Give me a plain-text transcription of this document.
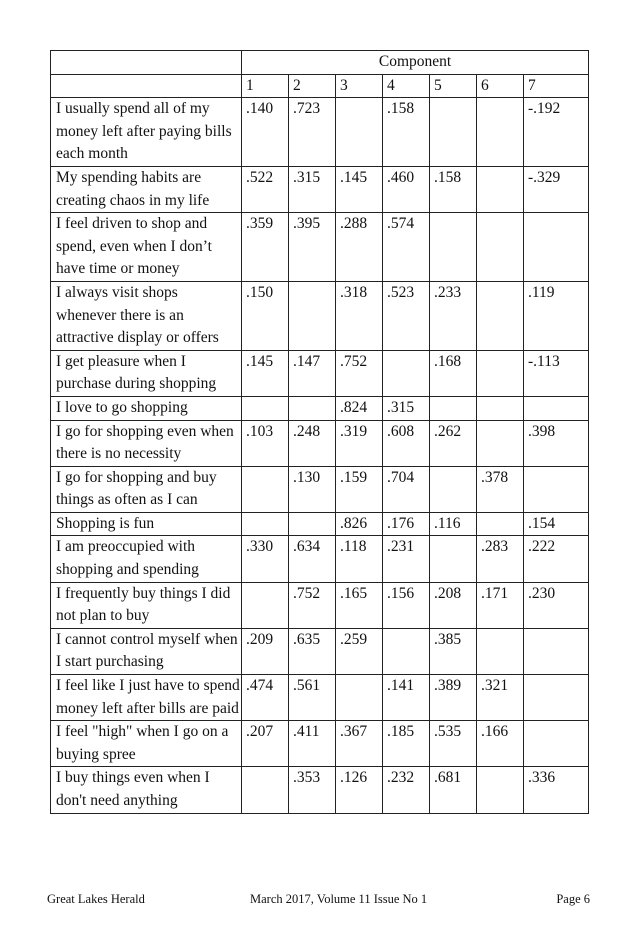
	Component						
	1	2	3	4	5	6	7
I usually spend all of my money left after paying bills each month	.140	.723		.158			-.192
My spending habits are creating chaos in my life	.522	.315	.145	.460	.158		-.329
I feel driven to shop and spend, even when I don’t have time or money	.359	.395	.288	.574			
I always visit shops whenever there is an attractive display or offers	.150		.318	.523	.233		.119
I get pleasure when I purchase during shopping	.145	.147	.752		.168		-.113
I love to go shopping			.824	.315			
I go for shopping even when there is no necessity	.103	.248	.319	.608	.262		.398
I go for shopping and buy things as often as I can		.130	.159	.704		.378	
Shopping is fun			.826	.176	.116		.154
I am preoccupied with shopping and spending	.330	.634	.118	.231		.283	.222
I frequently buy things I did not plan to buy		.752	.165	.156	.208	.171	.230
I cannot control myself when I start purchasing	.209	.635	.259		.385		
I feel like I just have to spend money left after bills are paid	.474	.561		.141	.389	.321	
I feel "high" when I go on a buying spree	.207	.411	.367	.185	.535	.166	
I buy things even when I don't need anything		.353	.126	.232	.681		.336
Great Lakes Herald	March 2017, Volume 11 Issue No 1	Page 6
